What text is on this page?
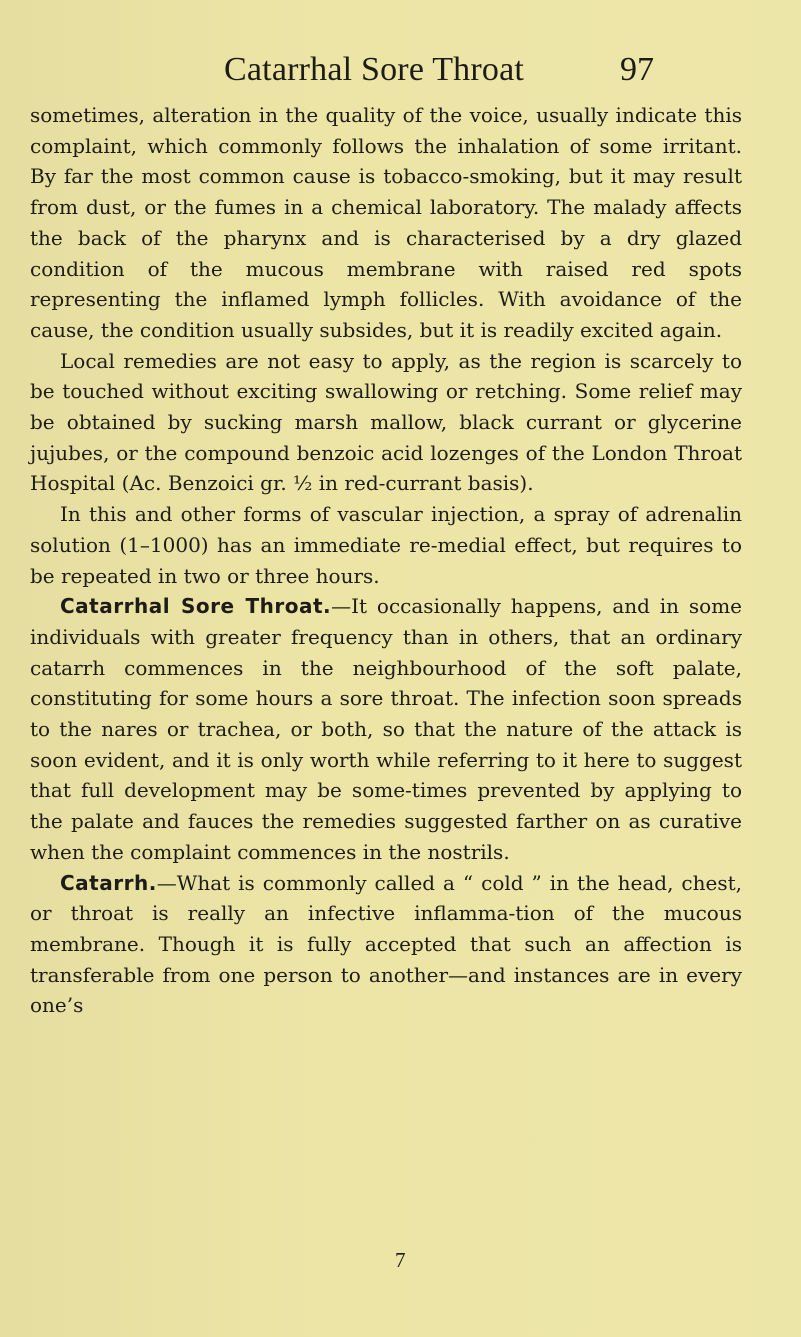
Catarrhal Sore Throat	97

sometimes, alteration in the quality of the voice, usually indicate this complaint, which commonly follows the inhalation of some irritant. By far the most common cause is tobacco-smoking, but it may result from dust, or the fumes in a chemical laboratory. The malady affects the back of the pharynx and is characterised by a dry glazed condition of the mucous membrane with raised red spots representing the inflamed lymph follicles. With avoidance of the cause, the condition usually subsides, but it is readily excited again.

Local remedies are not easy to apply, as the region is scarcely to be touched without exciting swallowing or retching. Some relief may be obtained by sucking marsh mallow, black currant or glycerine jujubes, or the compound benzoic acid lozenges of the London Throat Hospital (Ac. Benzoici gr. ½ in red-currant basis).

In this and other forms of vascular injection, a spray of adrenalin solution (1–1000) has an immediate re-medial effect, but requires to be repeated in two or three hours.

Catarrhal Sore Throat.—It occasionally happens, and in some individuals with greater frequency than in others, that an ordinary catarrh commences in the neighbourhood of the soft palate, constituting for some hours a sore throat. The infection soon spreads to the nares or trachea, or both, so that the nature of the attack is soon evident, and it is only worth while referring to it here to suggest that full development may be some-times prevented by applying to the palate and fauces the remedies suggested farther on as curative when the complaint commences in the nostrils.

Catarrh.—What is commonly called a “ cold ” in the head, chest, or throat is really an infective inflamma-tion of the mucous membrane. Though it is fully accepted that such an affection is transferable from one person to another—and instances are in every one’s

7
